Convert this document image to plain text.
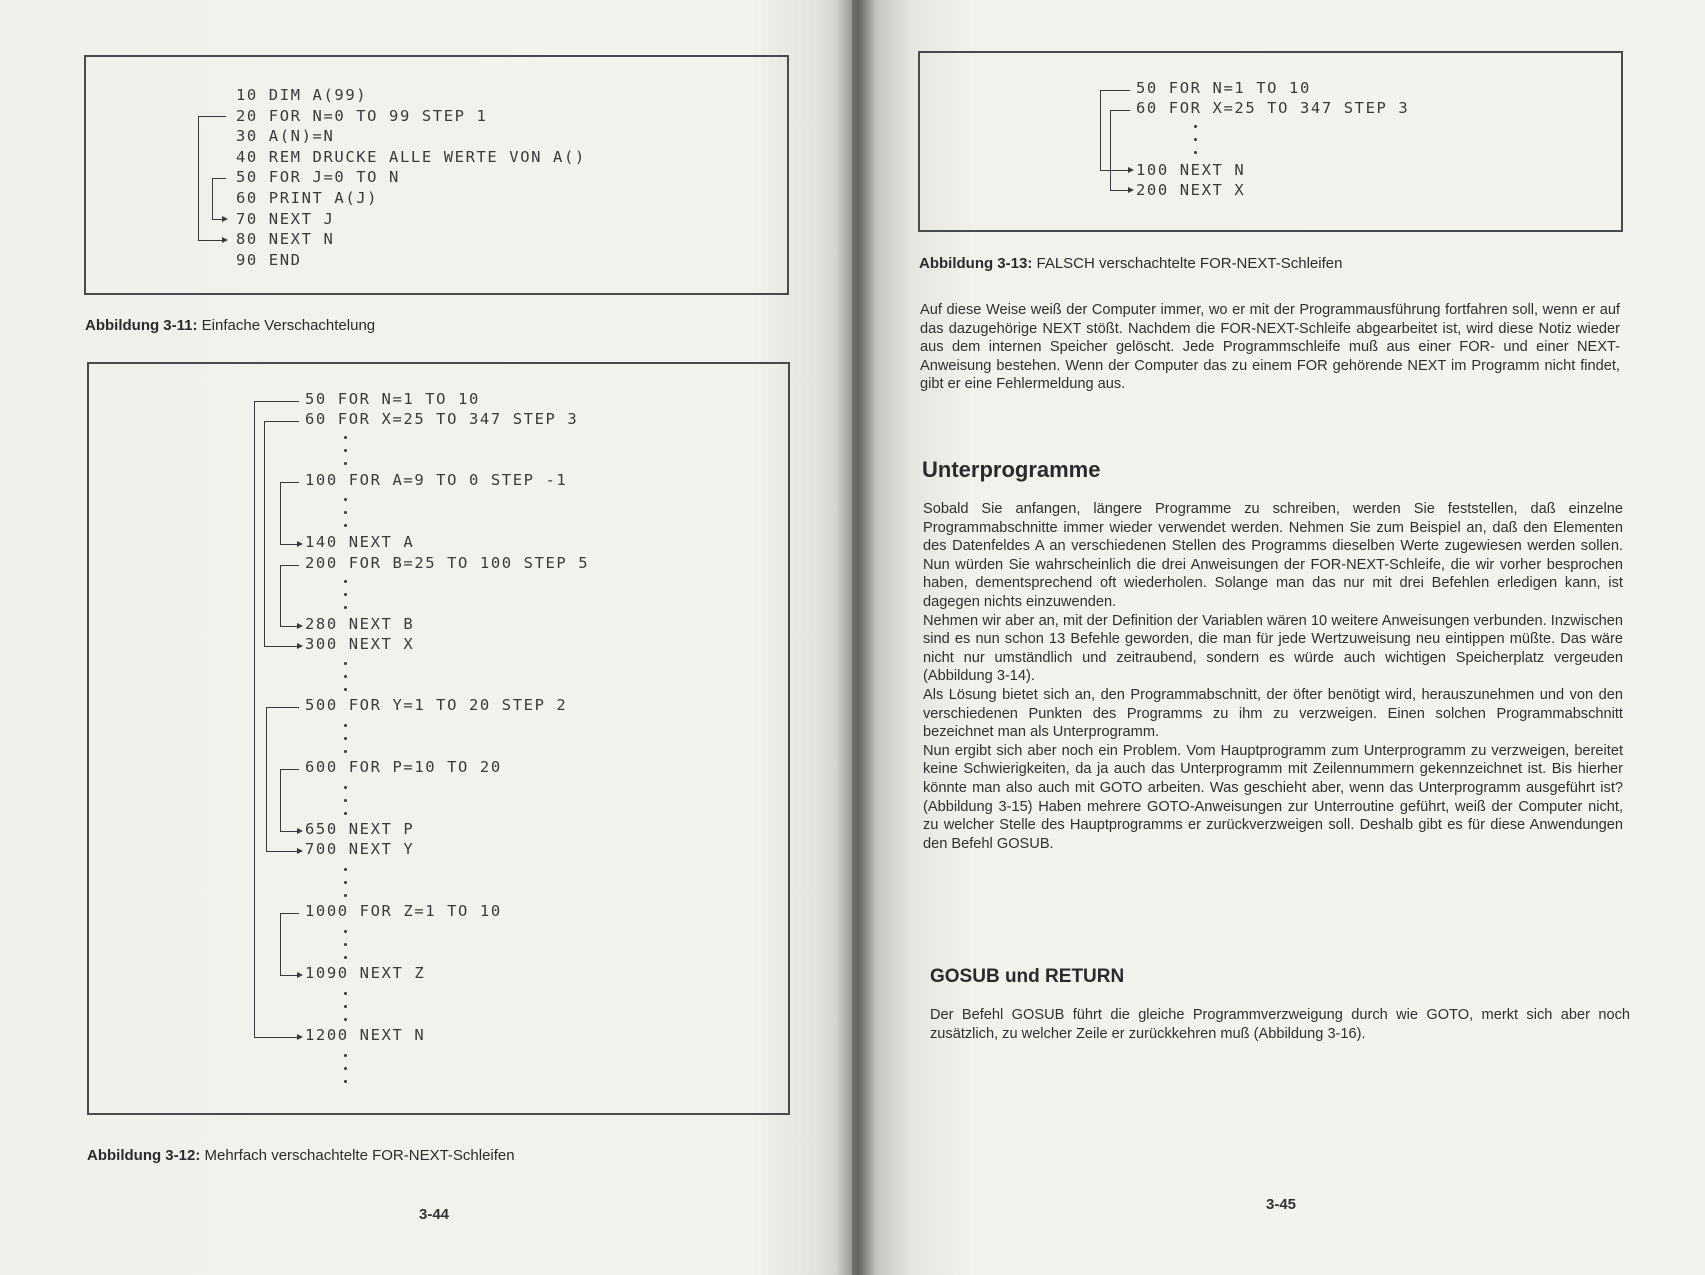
10 DIM A(99)

20 FOR N=0 TO 99 STEP 1

30 A(N)=N

40 REM DRUCKE ALLE WERTE VON A()

50 FOR J=0 TO N

60 PRINT A(J)

70 NEXT J

80 NEXT N

90 END

Abbildung 3-11: Einfache Verschachtelung

50 FOR N=1 TO 10

60 FOR X=25 TO 347 STEP 3

100 FOR A=9 TO 0 STEP -1

140 NEXT A

200 FOR B=25 TO 100 STEP 5

280 NEXT B

300 NEXT X

500 FOR Y=1 TO 20 STEP 2

600 FOR P=10 TO 20

650 NEXT P

700 NEXT Y

1000 FOR Z=1 TO 10

1090 NEXT Z

1200 NEXT N

Abbildung 3-12: Mehrfach verschachtelte FOR-NEXT-Schleifen
3-44

50 FOR N=1 TO 10

60 FOR X=25 TO 347 STEP 3

100 NEXT N

200 NEXT X

Abbildung 3-13: FALSCH verschachtelte FOR-NEXT-Schleifen

Auf diese Weise weiß der Computer immer, wo er mit der Programmausführung fortfahren soll, wenn er auf das dazugehörige NEXT stößt. Nachdem die FOR-NEXT-Schleife abgearbeitet ist, wird diese Notiz wieder aus dem internen Speicher gelöscht. Jede Programmschleife muß aus einer FOR- und einer NEXT-Anweisung bestehen. Wenn der Computer das zu einem FOR gehörende NEXT im Programm nicht findet, gibt er eine Fehlermeldung aus.

Unterprogramme

Sobald Sie anfangen, längere Programme zu schreiben, werden Sie feststellen, daß einzelne Programmabschnitte immer wieder verwendet werden. Nehmen Sie zum Beispiel an, daß den Elementen des Datenfeldes A an verschiedenen Stellen des Programms dieselben Werte zugewiesen werden sollen. Nun würden Sie wahrscheinlich die drei Anweisungen der FOR-NEXT-Schleife, die wir vorher besprochen haben, dementsprechend oft wiederholen. Solange man das nur mit drei Befehlen erledigen kann, ist dagegen nichts einzuwenden.

Nehmen wir aber an, mit der Definition der Variablen wären 10 weitere Anweisungen verbunden. Inzwischen sind es nun schon 13 Befehle geworden, die man für jede Wertzuweisung neu eintippen müßte. Das wäre nicht nur umständlich und zeitraubend, sondern es würde auch wichtigen Speicherplatz vergeuden (Abbildung 3-14).

Als Lösung bietet sich an, den Programmabschnitt, der öfter benötigt wird, herauszunehmen und von den verschiedenen Punkten des Programms zu ihm zu verzweigen. Einen solchen Programmabschnitt bezeichnet man als Unterprogramm.

Nun ergibt sich aber noch ein Problem. Vom Hauptprogramm zum Unterprogramm zu verzweigen, bereitet keine Schwierigkeiten, da ja auch das Unterprogramm mit Zeilennummern gekennzeichnet ist. Bis hierher könnte man also auch mit GOTO arbeiten. Was geschieht aber, wenn das Unterprogramm ausgeführt ist? (Abbildung 3-15) Haben mehrere GOTO-Anweisungen zur Unterroutine geführt, weiß der Computer nicht, zu welcher Stelle des Hauptprogramms er zurückverzweigen soll. Deshalb gibt es für diese Anwendungen den Befehl GOSUB.

GOSUB und RETURN

Der Befehl GOSUB führt die gleiche Programmverzweigung durch wie GOTO, merkt sich aber noch zusätzlich, zu welcher Zeile er zurückkehren muß (Abbildung 3-16).

3-45
